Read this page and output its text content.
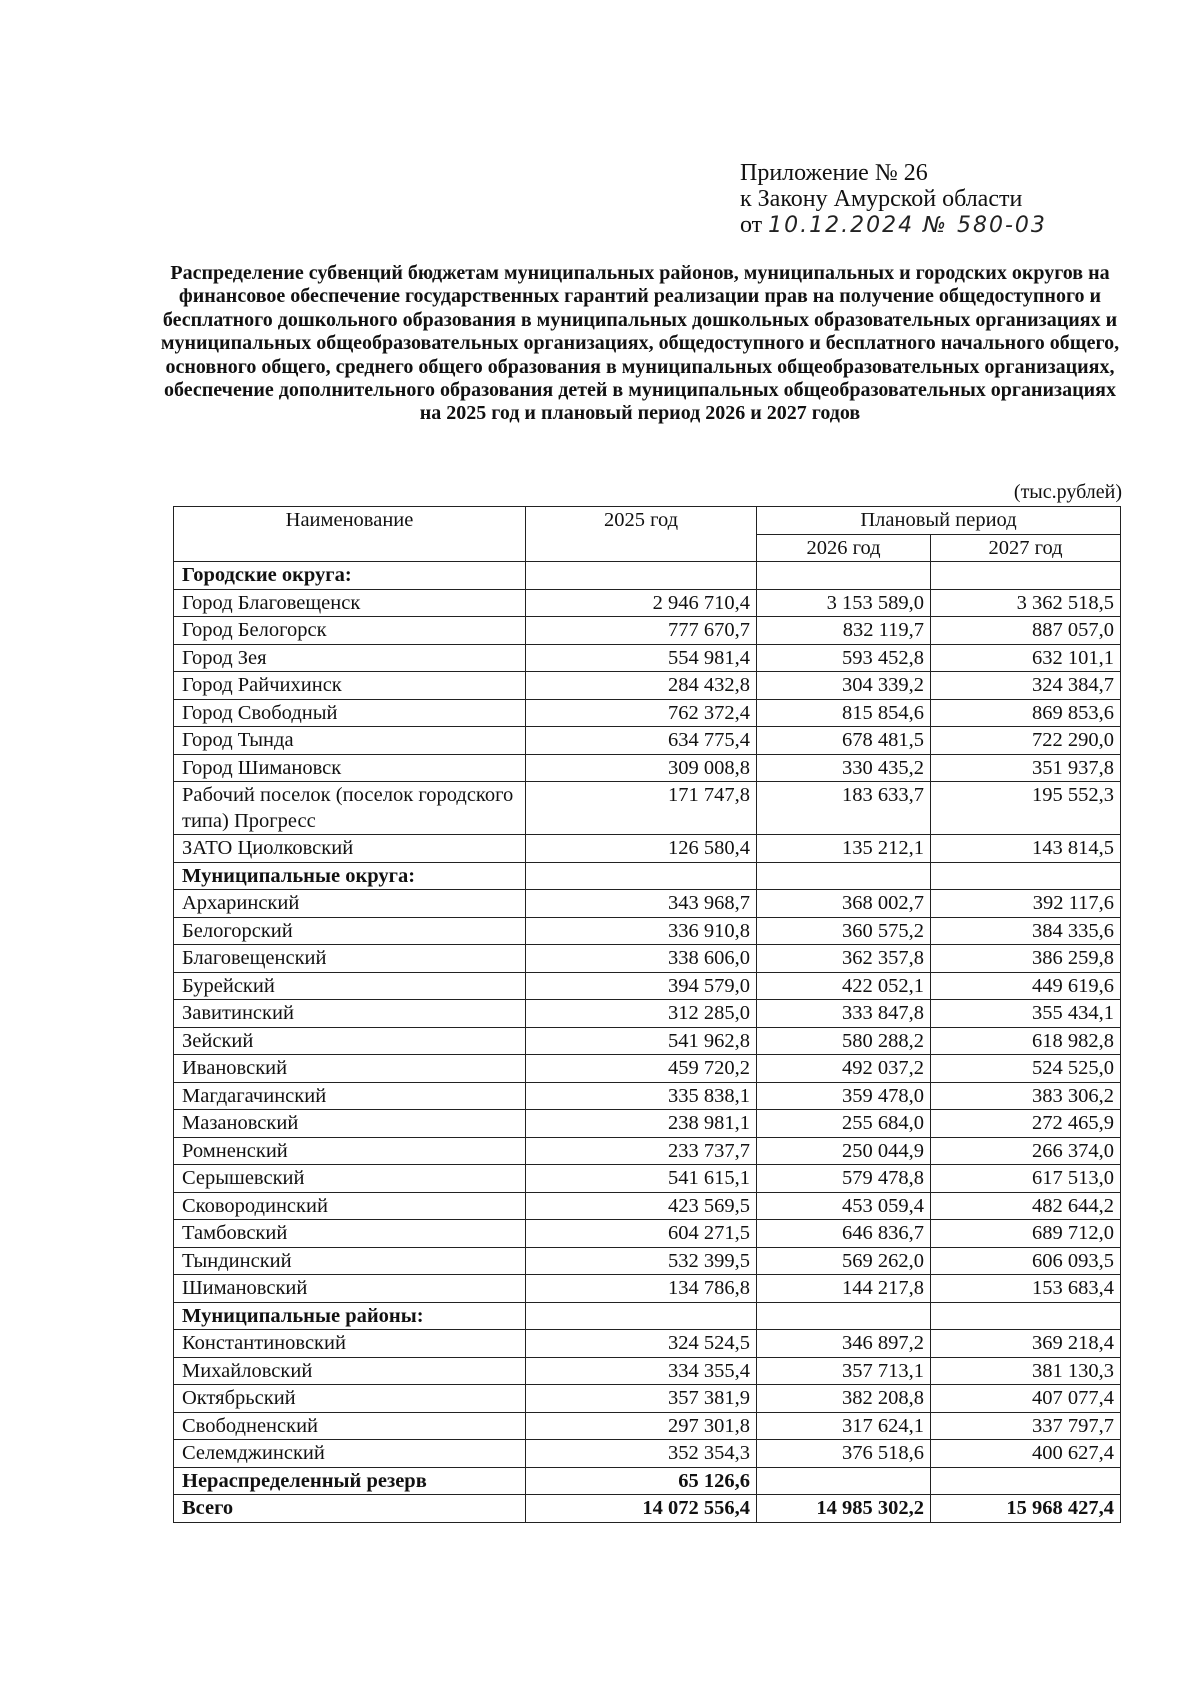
Приложение № 26
к Закону Амурской области
от 10.12.2024 № 580-03
Распределение субвенций бюджетам муниципальных районов, муниципальных и городских округов на финансовое обеспечение государственных гарантий реализации прав на получение общедоступного и бесплатного дошкольного образования в муниципальных дошкольных образовательных организациях и муниципальных общеобразовательных организациях, общедоступного и бесплатного начального общего, основного общего, среднего общего образования в муниципальных общеобразовательных организациях, обеспечение дополнительного образования детей в муниципальных общеобразовательных организациях на 2025 год и плановый период 2026 и 2027 годов
(тыс.рублей)
Наименование	2025 год	Плановый период	
		2026 год	2027 год
Городские округа:			
Город Благовещенск	2 946 710,4	3 153 589,0	3 362 518,5
Город Белогорск	777 670,7	832 119,7	887 057,0
Город Зея	554 981,4	593 452,8	632 101,1
Город Райчихинск	284 432,8	304 339,2	324 384,7
Город Свободный	762 372,4	815 854,6	869 853,6
Город Тында	634 775,4	678 481,5	722 290,0
Город Шимановск	309 008,8	330 435,2	351 937,8
Рабочий поселок (поселок городского типа) Прогресс	171 747,8	183 633,7	195 552,3
ЗАТО Циолковский	126 580,4	135 212,1	143 814,5
Муниципальные округа:			
Архаринский	343 968,7	368 002,7	392 117,6
Белогорский	336 910,8	360 575,2	384 335,6
Благовещенский	338 606,0	362 357,8	386 259,8
Бурейский	394 579,0	422 052,1	449 619,6
Завитинский	312 285,0	333 847,8	355 434,1
Зейский	541 962,8	580 288,2	618 982,8
Ивановский	459 720,2	492 037,2	524 525,0
Магдагачинский	335 838,1	359 478,0	383 306,2
Мазановский	238 981,1	255 684,0	272 465,9
Ромненский	233 737,7	250 044,9	266 374,0
Серышевский	541 615,1	579 478,8	617 513,0
Сковородинский	423 569,5	453 059,4	482 644,2
Тамбовский	604 271,5	646 836,7	689 712,0
Тындинский	532 399,5	569 262,0	606 093,5
Шимановский	134 786,8	144 217,8	153 683,4
Муниципальные районы:			
Константиновский	324 524,5	346 897,2	369 218,4
Михайловский	334 355,4	357 713,1	381 130,3
Октябрьский	357 381,9	382 208,8	407 077,4
Свободненский	297 301,8	317 624,1	337 797,7
Селемджинский	352 354,3	376 518,6	400 627,4
Нераспределенный резерв	65 126,6		
Всего	14 072 556,4	14 985 302,2	15 968 427,4
